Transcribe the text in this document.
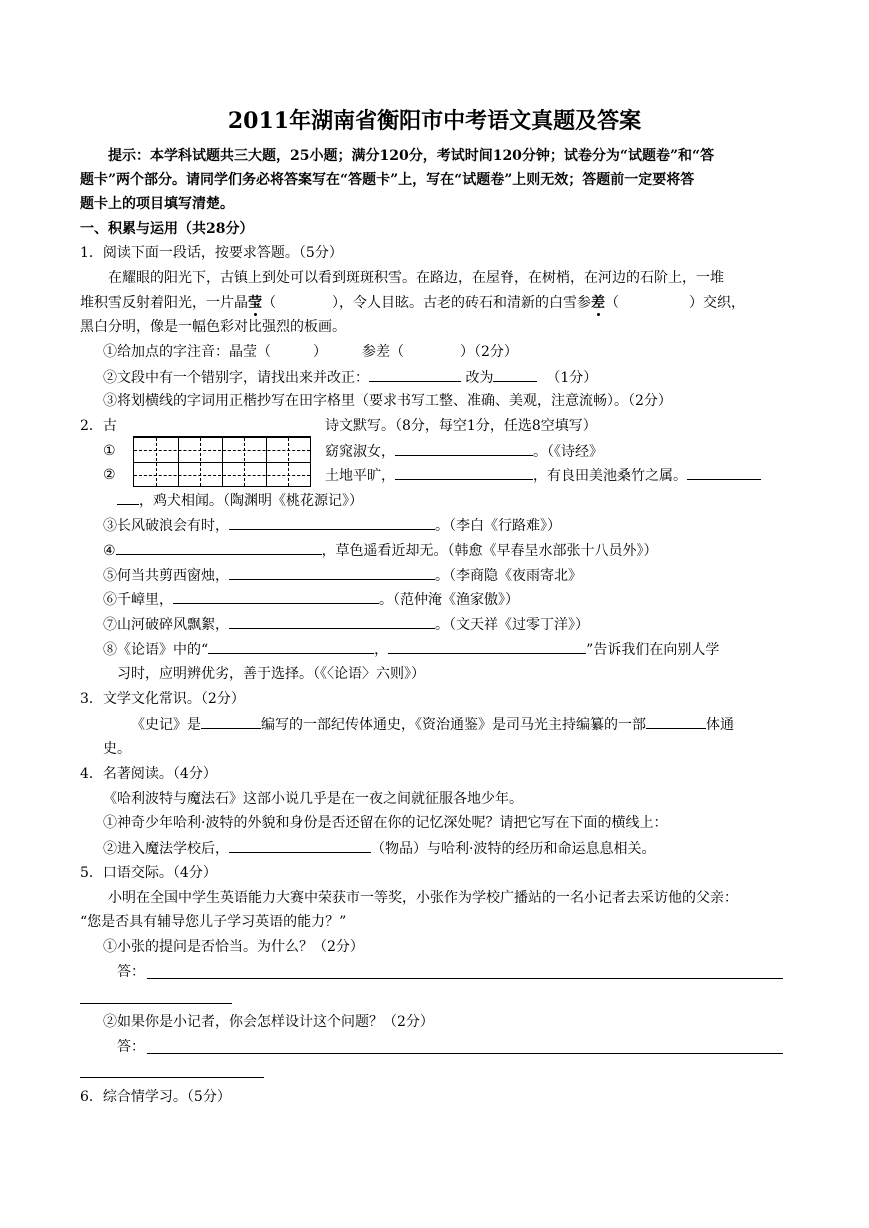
2011年湖南省衡阳市中考语文真题及答案
提示：本学科试题共三大题，25小题；满分120分，考试时间120分钟；试卷分为“试题卷”和“答
题卡”两个部分。请同学们务必将答案写在“答题卡”上，写在“试题卷”上则无效；答题前一定要将答
题卡上的项目填写清楚。
一、积累与运用（共28分）
1．阅读下面一段话，按要求答题。（5分）
在耀眼的阳光下，古镇上到处可以看到斑斑积雪。在路边，在屋脊，在树梢，在河边的石阶上，一堆
堆积雪反射着阳光，一片晶莹（　　　　），令人目眩。古老的砖石和清新的白雪参差（　　　　　）交织，
黑白分明，像是一幅色彩对比强烈的板画。
①给加点的字注音：晶莹（　　　）　　　参差（　　　　）（2分）
②文段中有一个错别字，请找出来并改正：	改为	（1分）
③将划横线的字词用正楷抄写在田字格里（要求书写工整、准确、美观，注意流畅）。（2分）
2．古	诗文默写。（8分，每空1分，任选8空填写）
①	窈窕淑女，	。（《诗经》
②	土地平旷，	，有良田美池桑竹之属。
，鸡犬相闻。（陶渊明《桃花源记》）
③长风破浪会有时，	。（李白《行路难》）
④	，草色遥看近却无。（韩愈《早春呈水部张十八员外》）
⑤何当共剪西窗烛，	。（李商隐《夜雨寄北》
⑥千嶂里，	。（范仲淹《渔家傲》）
⑦山河破碎风飘絮，	。（文天祥《过零丁洋》）
⑧《论语》中的“	，	”告诉我们在向别人学
习时，应明辨优劣，善于选择。（《〈论语〉六则》）
3．文学文化常识。（2分）
《史记》是	编写的一部纪传体通史，《资治通鉴》是司马光主持编纂的一部	体通
史。
4．名著阅读。（4分）
《哈利波特与魔法石》这部小说几乎是在一夜之间就征服各地少年。
①神奇少年哈利·波特的外貌和身份是否还留在你的记忆深处呢？请把它写在下面的横线上：
②进入魔法学校后，	（物品）与哈利·波特的经历和命运息息相关。
5．口语交际。（4分）
小明在全国中学生英语能力大赛中荣获市一等奖，小张作为学校广播站的一名小记者去采访他的父亲：
“您是否具有辅导您儿子学习英语的能力？”
①小张的提问是否恰当。为什么？（2分）
答：
②如果你是小记者，你会怎样设计这个问题？（2分）
答：
6．综合情学习。（5分）
